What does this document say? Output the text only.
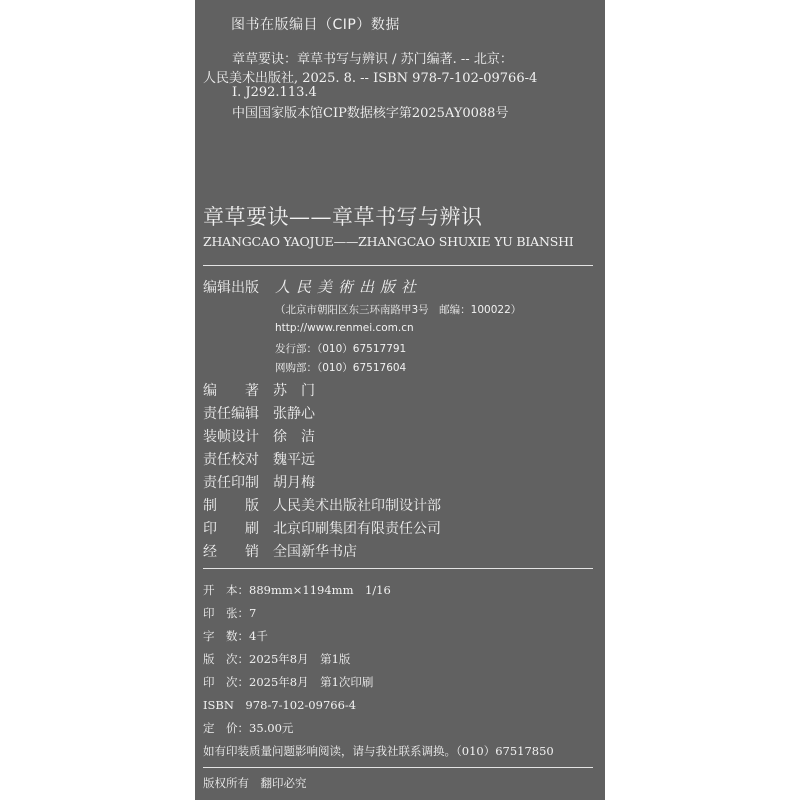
图书在版编目（CIP）数据
章草要诀：章草书写与辨识 / 苏门编著. -- 北京：
人民美术出版社, 2025. 8. -- ISBN 978-7-102-09766-4
Ⅰ. J292.113.4
中国国家版本馆CIP数据核字第2025AY0088号
章草要诀——章草书写与辨识
ZHANGCAO YAOJUE——ZHANGCAO SHUXIE YU BIANSHI
编辑出版 人民美術出版社
（北京市朝阳区东三环南路甲3号　邮编：100022）
http://www.renmei.com.cn
发行部：（010）67517791
网购部：（010）67517604
编　　著 苏　门
责任编辑 张静心
装帧设计 徐　洁
责任校对 魏平远
责任印制 胡月梅
制　　版 人民美术出版社印制设计部
印　　刷 北京印刷集团有限责任公司
经　　销 全国新华书店
开　本：889mm×1194mm　1/16
印　张：7
字　数：4千
版　次：2025年8月　第1版
印　次：2025年8月　第1次印刷
ISBN　978-7-102-09766-4
定　价：35.00元
如有印装质量问题影响阅读，请与我社联系调换。（010）67517850
版权所有　翻印必究
